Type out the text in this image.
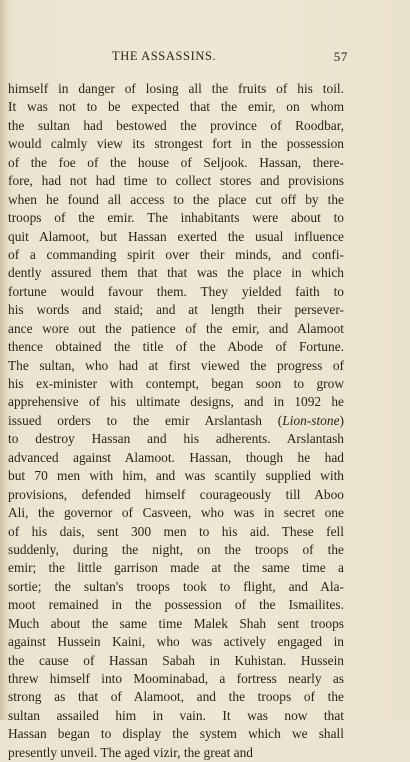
THE ASSASSINS.	57
himself in danger of losing all the fruits of his toil.
It was not to be expected that the emir, on whom
the sultan had bestowed the province of Roodbar,
would calmly view its strongest fort in the possession
of the foe of the house of Seljook. Hassan, there-
fore, had not had time to collect stores and provisions
when he found all access to the place cut off by the
troops of the emir. The inhabitants were about to
quit Alamoot, but Hassan exerted the usual influence
of a commanding spirit over their minds, and confi-
dently assured them that that was the place in which
fortune would favour them. They yielded faith to
his words and staid; and at length their persever-
ance wore out the patience of the emir, and Alamoot
thence obtained the title of the Abode of Fortune.
The sultan, who had at first viewed the progress of
his ex-minister with contempt, began soon to grow
apprehensive of his ultimate designs, and in 1092 he
issued orders to the emir Arslantash (Lion-stone)
to destroy Hassan and his adherents. Arslantash
advanced against Alamoot. Hassan, though he had
but 70 men with him, and was scantily supplied with
provisions, defended himself courageously till Aboo
Ali, the governor of Casveen, who was in secret one
of his dais, sent 300 men to his aid. These fell
suddenly, during the night, on the troops of the
emir; the little garrison made at the same time a
sortie; the sultan's troops took to flight, and Ala-
moot remained in the possession of the Ismailites.
Much about the same time Malek Shah sent troops
against Hussein Kaini, who was actively engaged in
the cause of Hassan Sabah in Kuhistan. Hussein
threw himself into Moominabad, a fortress nearly as
strong as that of Alamoot, and the troops of the
sultan assailed him in vain. It was now that
Hassan began to display the system which we shall
presently unveil. The aged vizir, the great and
